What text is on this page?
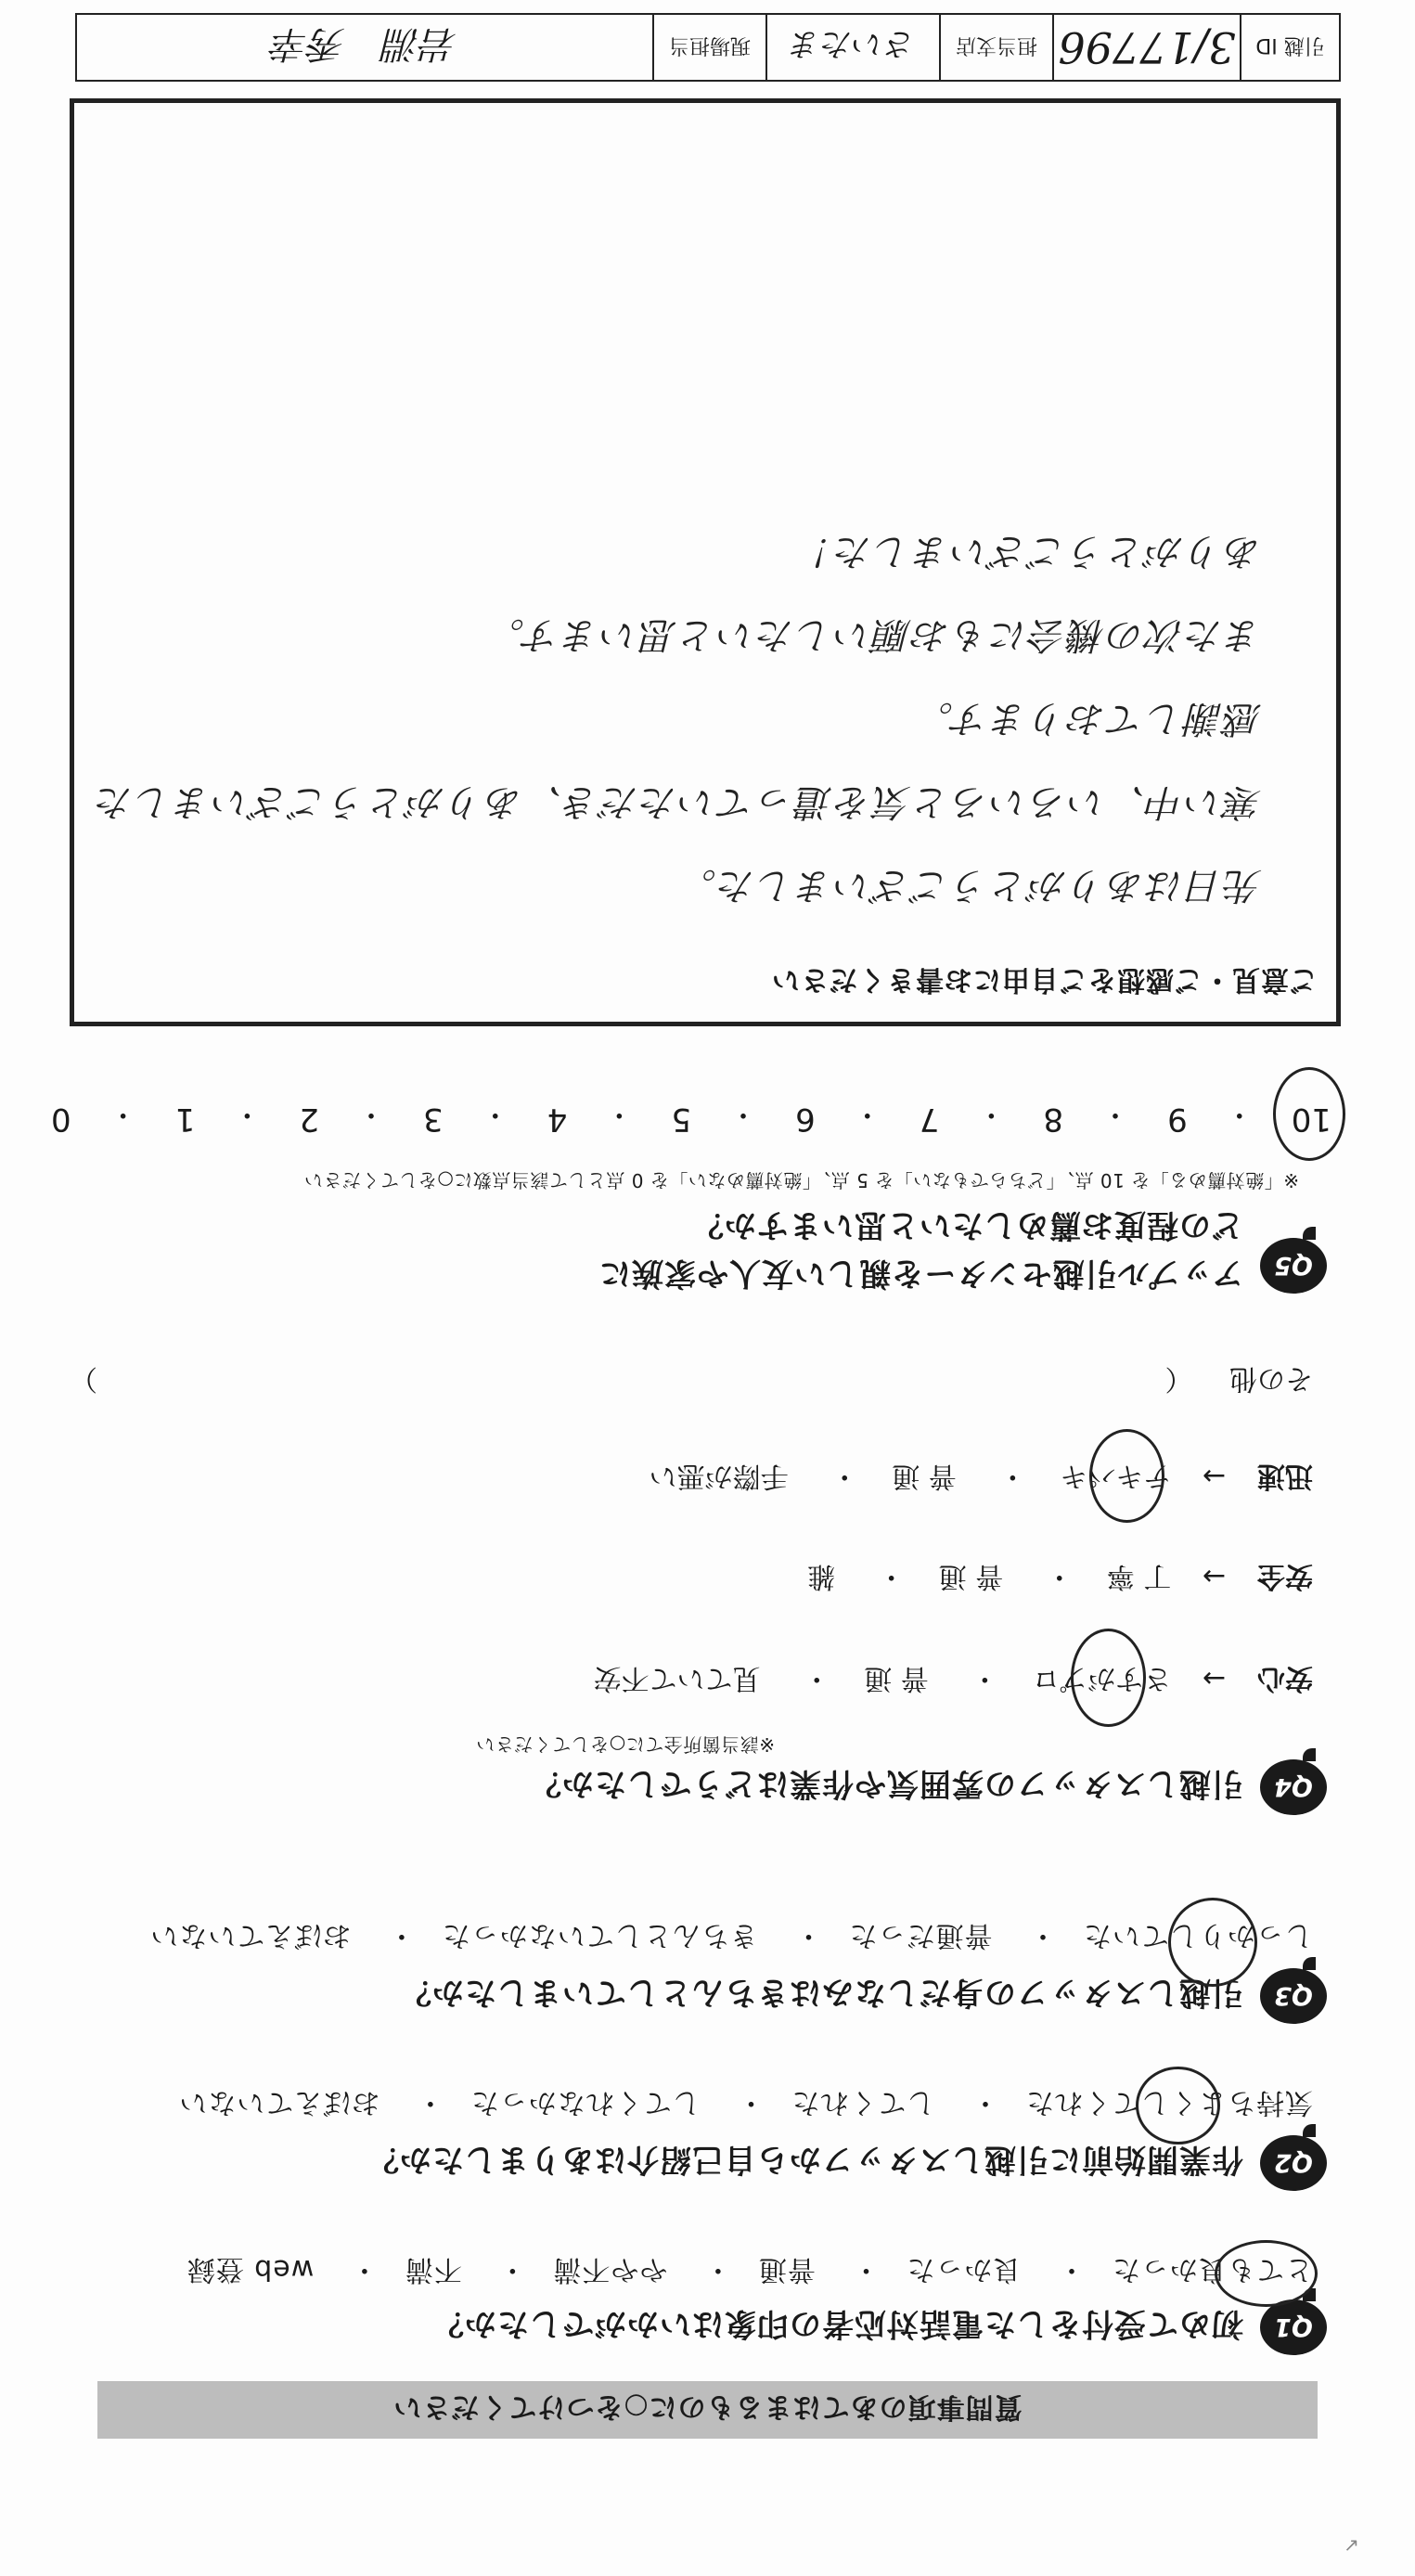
↙
質問事項のあてはまるものに○をつけてください
Q1
初めて受付をした電話対応者の印象はいかがでしたか？
とても良かった・ 良かった・ 普通・ やや不満・ 不満・ web 登録
Q2
作業開始前に引越しスタッフから自己紹介はありましたか？
気持ちよくしてくれた・ してくれた・ してくれなかった・ おぼえていない
Q3
引越しスタッフの身だしなみはきちんとしていましたか？
しっかりしていた・ 普通だった・ きちんとしていなかった・ おぼえていない
Q4
引越しスタッフの雰囲気や作業はどうでしたか？
※該当箇所全てに○をしてください
安心→ さすがプロ・ 普 通・ 見ていて不安
安全→ 丁 寧・ 普 通・ 雑
迅速→ テキパキ・ 普 通・ 手際が悪い
その他 （
）
Q5
アップル引越センターを親しい友人や家族に
どの程度お薦めしたいと思いますか？
※「絶対薦める」を 10 点、「どちらでもない」を 5 点、「絶対薦めない」を 0 点として該当点数に○をしてください
10
・
9
・
8
・
7
・
6
・
5
・
4
・
3
・
2
・
1
・
0
ご意見・ご感想をご自由にお書きください
先日はありがとうございました。
寒い中、いろいろと気を遣っていただき、ありがとうございました
感謝しております。
また次の機会にもお願いしたいと思います。
ありがとうございました！
引越 ID
3/17796
担当支店
さいたま
現場担当
岩淵　秀幸
